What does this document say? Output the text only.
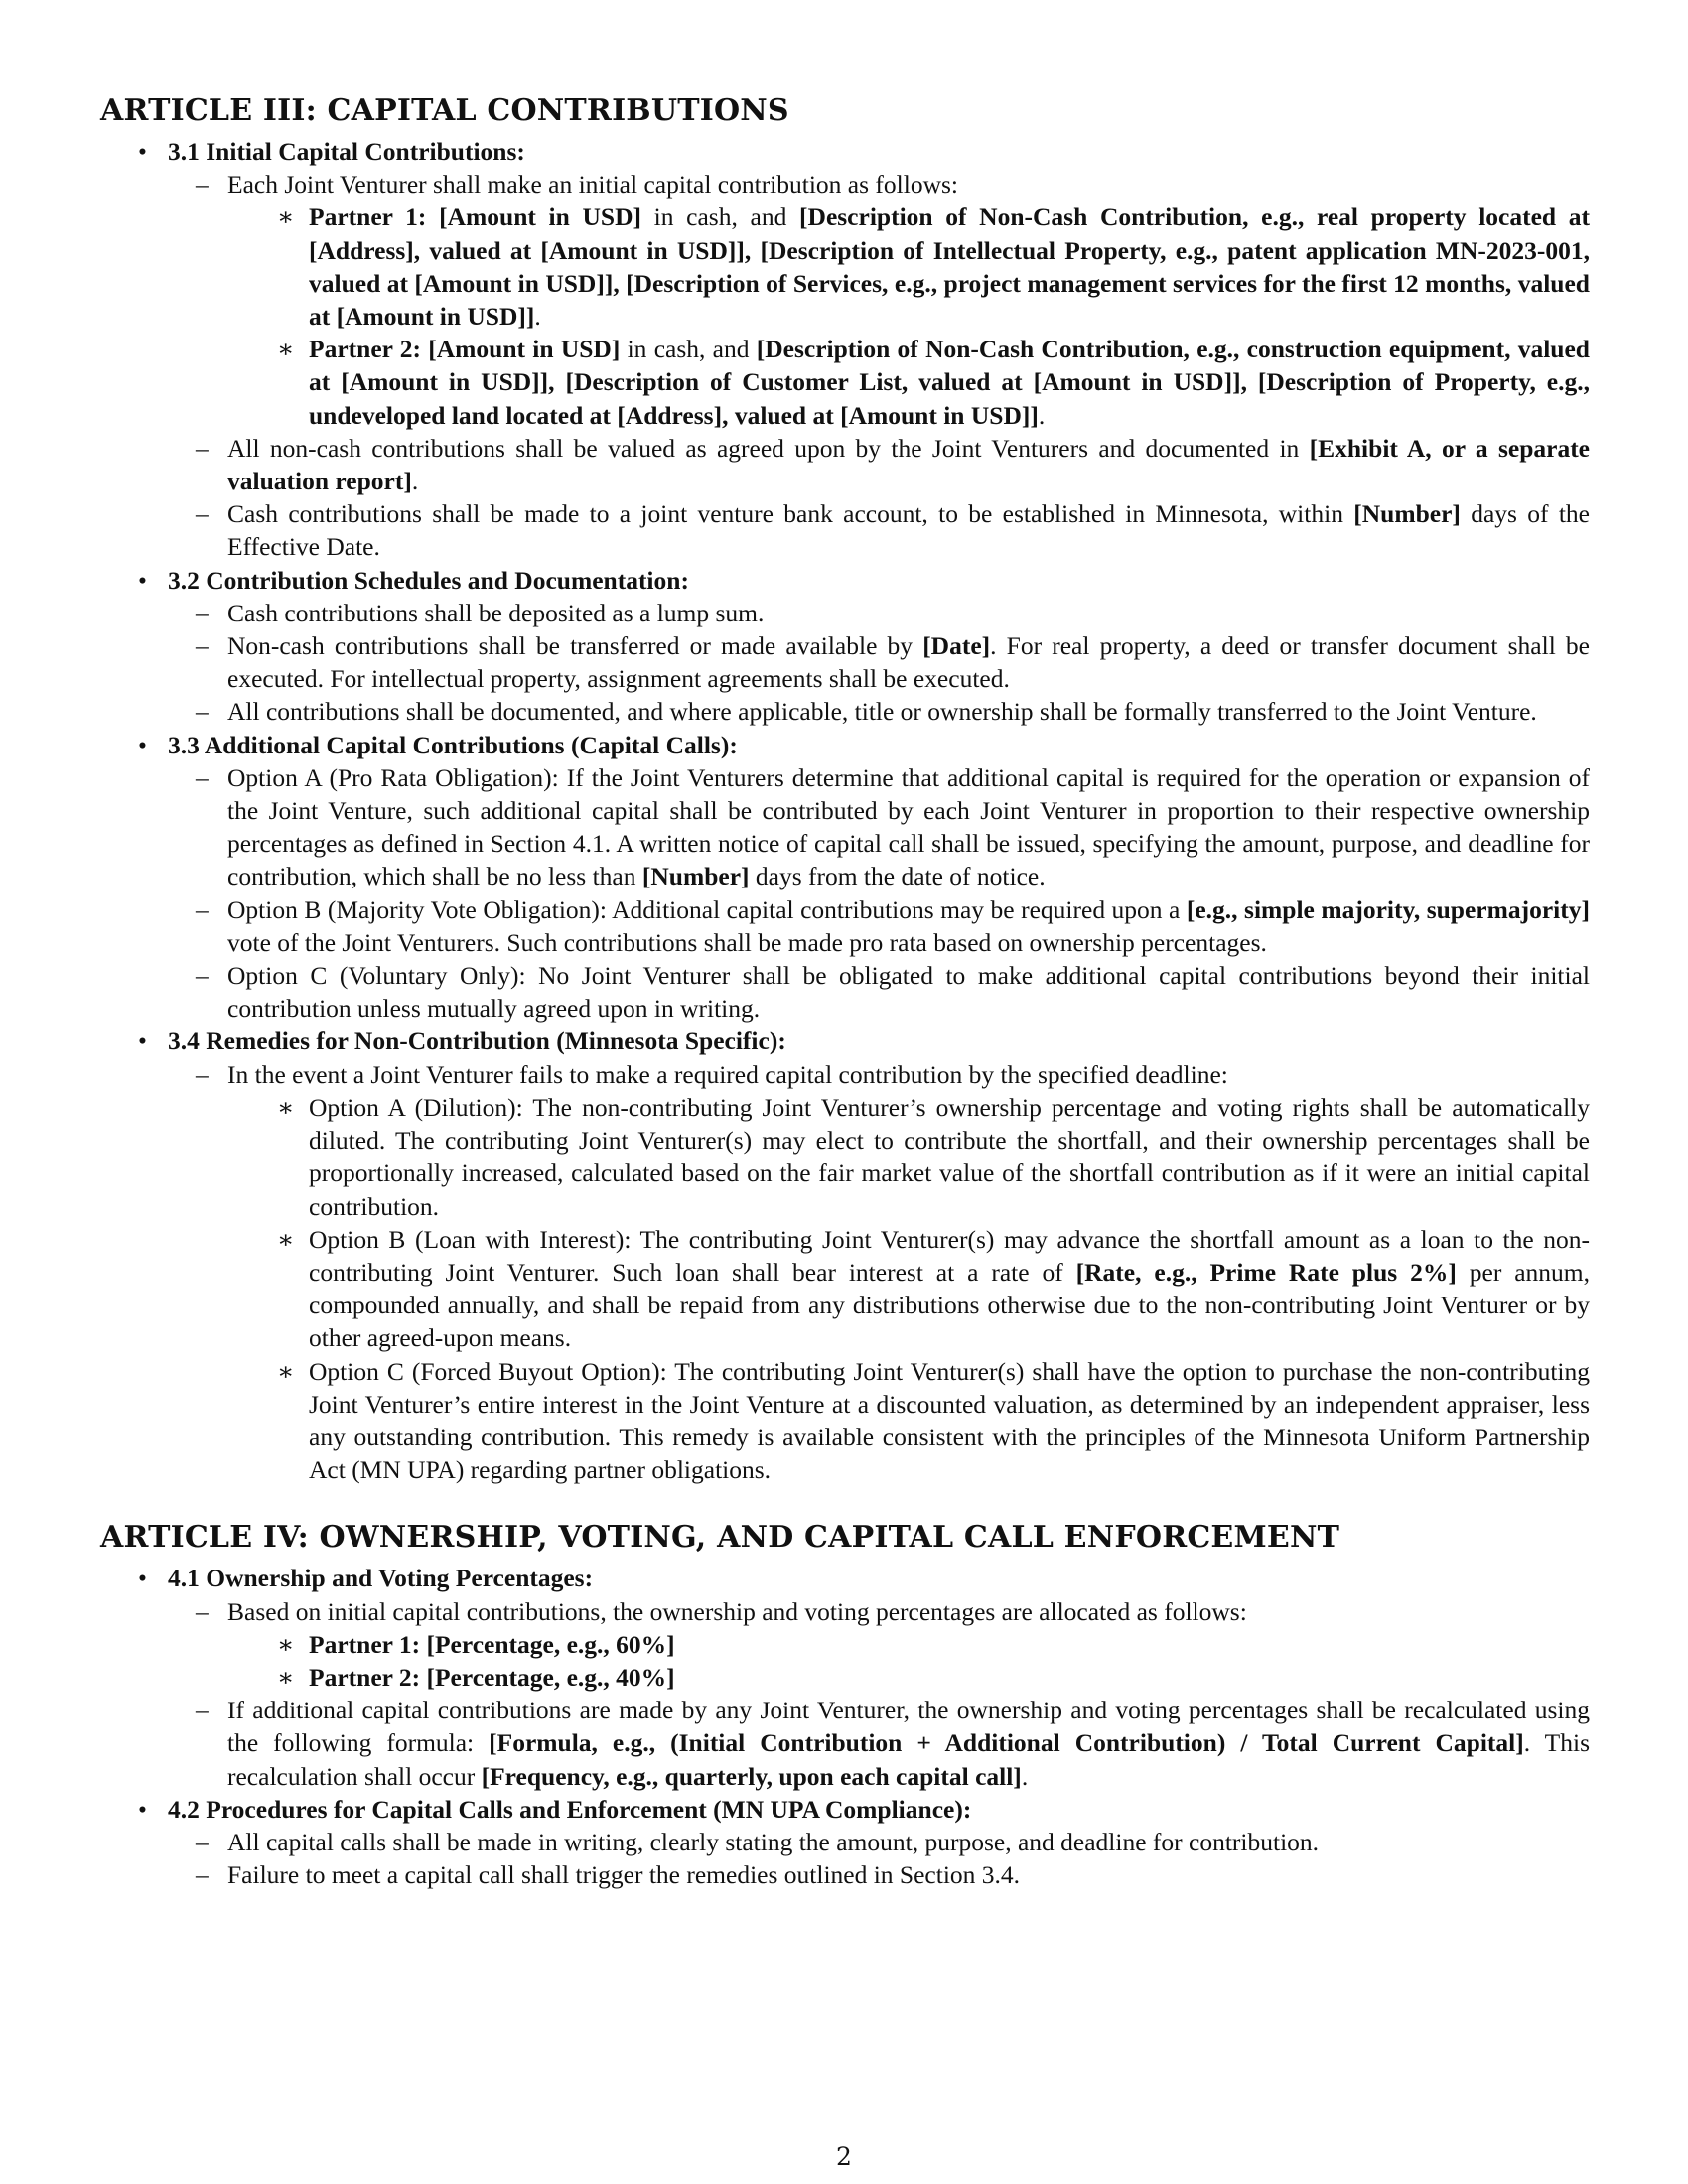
ARTICLE III: CAPITAL CONTRIBUTIONS
• 3.1 Initial Capital Contributions:
– Each Joint Venturer shall make an initial capital contribution as follows:
∗ Partner 1: [Amount in USD] in cash, and [Description of Non-Cash Contribution, e.g., real property located at [Address], valued at [Amount in USD]], [Description of Intellectual Property, e.g., patent application MN-2023-001, valued at [Amount in USD]], [Description of Services, e.g., project management services for the first 12 months, valued at [Amount in USD]].
∗ Partner 2: [Amount in USD] in cash, and [Description of Non-Cash Contribution, e.g., construction equipment, valued at [Amount in USD]], [Description of Customer List, valued at [Amount in USD]], [Description of Property, e.g., undeveloped land located at [Address], valued at [Amount in USD]].
– All non-cash contributions shall be valued as agreed upon by the Joint Venturers and documented in [Exhibit A, or a separate valuation report].
– Cash contributions shall be made to a joint venture bank account, to be established in Minnesota, within [Number] days of the Effective Date.
• 3.2 Contribution Schedules and Documentation:
– Cash contributions shall be deposited as a lump sum.
– Non-cash contributions shall be transferred or made available by [Date]. For real property, a deed or transfer document shall be executed. For intellectual property, assignment agreements shall be executed.
– All contributions shall be documented, and where applicable, title or ownership shall be formally transferred to the Joint Venture.
• 3.3 Additional Capital Contributions (Capital Calls):
– Option A (Pro Rata Obligation): If the Joint Venturers determine that additional capital is required for the operation or expansion of the Joint Venture, such additional capital shall be contributed by each Joint Venturer in proportion to their respective ownership percentages as defined in Section 4.1. A written notice of capital call shall be issued, specifying the amount, purpose, and deadline for contribution, which shall be no less than [Number] days from the date of notice.
– Option B (Majority Vote Obligation): Additional capital contributions may be required upon a [e.g., simple majority, supermajority] vote of the Joint Venturers. Such contributions shall be made pro rata based on ownership percentages.
– Option C (Voluntary Only): No Joint Venturer shall be obligated to make additional capital contributions beyond their initial contribution unless mutually agreed upon in writing.
• 3.4 Remedies for Non-Contribution (Minnesota Specific):
– In the event a Joint Venturer fails to make a required capital contribution by the specified deadline:
∗ Option A (Dilution): The non-contributing Joint Venturer’s ownership percentage and voting rights shall be automatically diluted. The contributing Joint Venturer(s) may elect to contribute the shortfall, and their ownership percentages shall be proportionally increased, calculated based on the fair market value of the shortfall contribution as if it were an initial capital contribution.
∗ Option B (Loan with Interest): The contributing Joint Venturer(s) may advance the shortfall amount as a loan to the non-contributing Joint Venturer. Such loan shall bear interest at a rate of [Rate, e.g., Prime Rate plus 2%] per annum, compounded annually, and shall be repaid from any distributions otherwise due to the non-contributing Joint Venturer or by other agreed-upon means.
∗ Option C (Forced Buyout Option): The contributing Joint Venturer(s) shall have the option to purchase the non-contributing Joint Venturer’s entire interest in the Joint Venture at a discounted valuation, as determined by an independent appraiser, less any outstanding contribution. This remedy is available consistent with the principles of the Minnesota Uniform Partnership Act (MN UPA) regarding partner obligations.
ARTICLE IV: OWNERSHIP, VOTING, AND CAPITAL CALL ENFORCEMENT
• 4.1 Ownership and Voting Percentages:
– Based on initial capital contributions, the ownership and voting percentages are allocated as follows:
∗ Partner 1: [Percentage, e.g., 60%]
∗ Partner 2: [Percentage, e.g., 40%]
– If additional capital contributions are made by any Joint Venturer, the ownership and voting percentages shall be recalculated using the following formula: [Formula, e.g., (Initial Contribution + Additional Contribution) / Total Current Capital]. This recalculation shall occur [Frequency, e.g., quarterly, upon each capital call].
• 4.2 Procedures for Capital Calls and Enforcement (MN UPA Compliance):
– All capital calls shall be made in writing, clearly stating the amount, purpose, and deadline for contribution.
– Failure to meet a capital call shall trigger the remedies outlined in Section 3.4.
2
